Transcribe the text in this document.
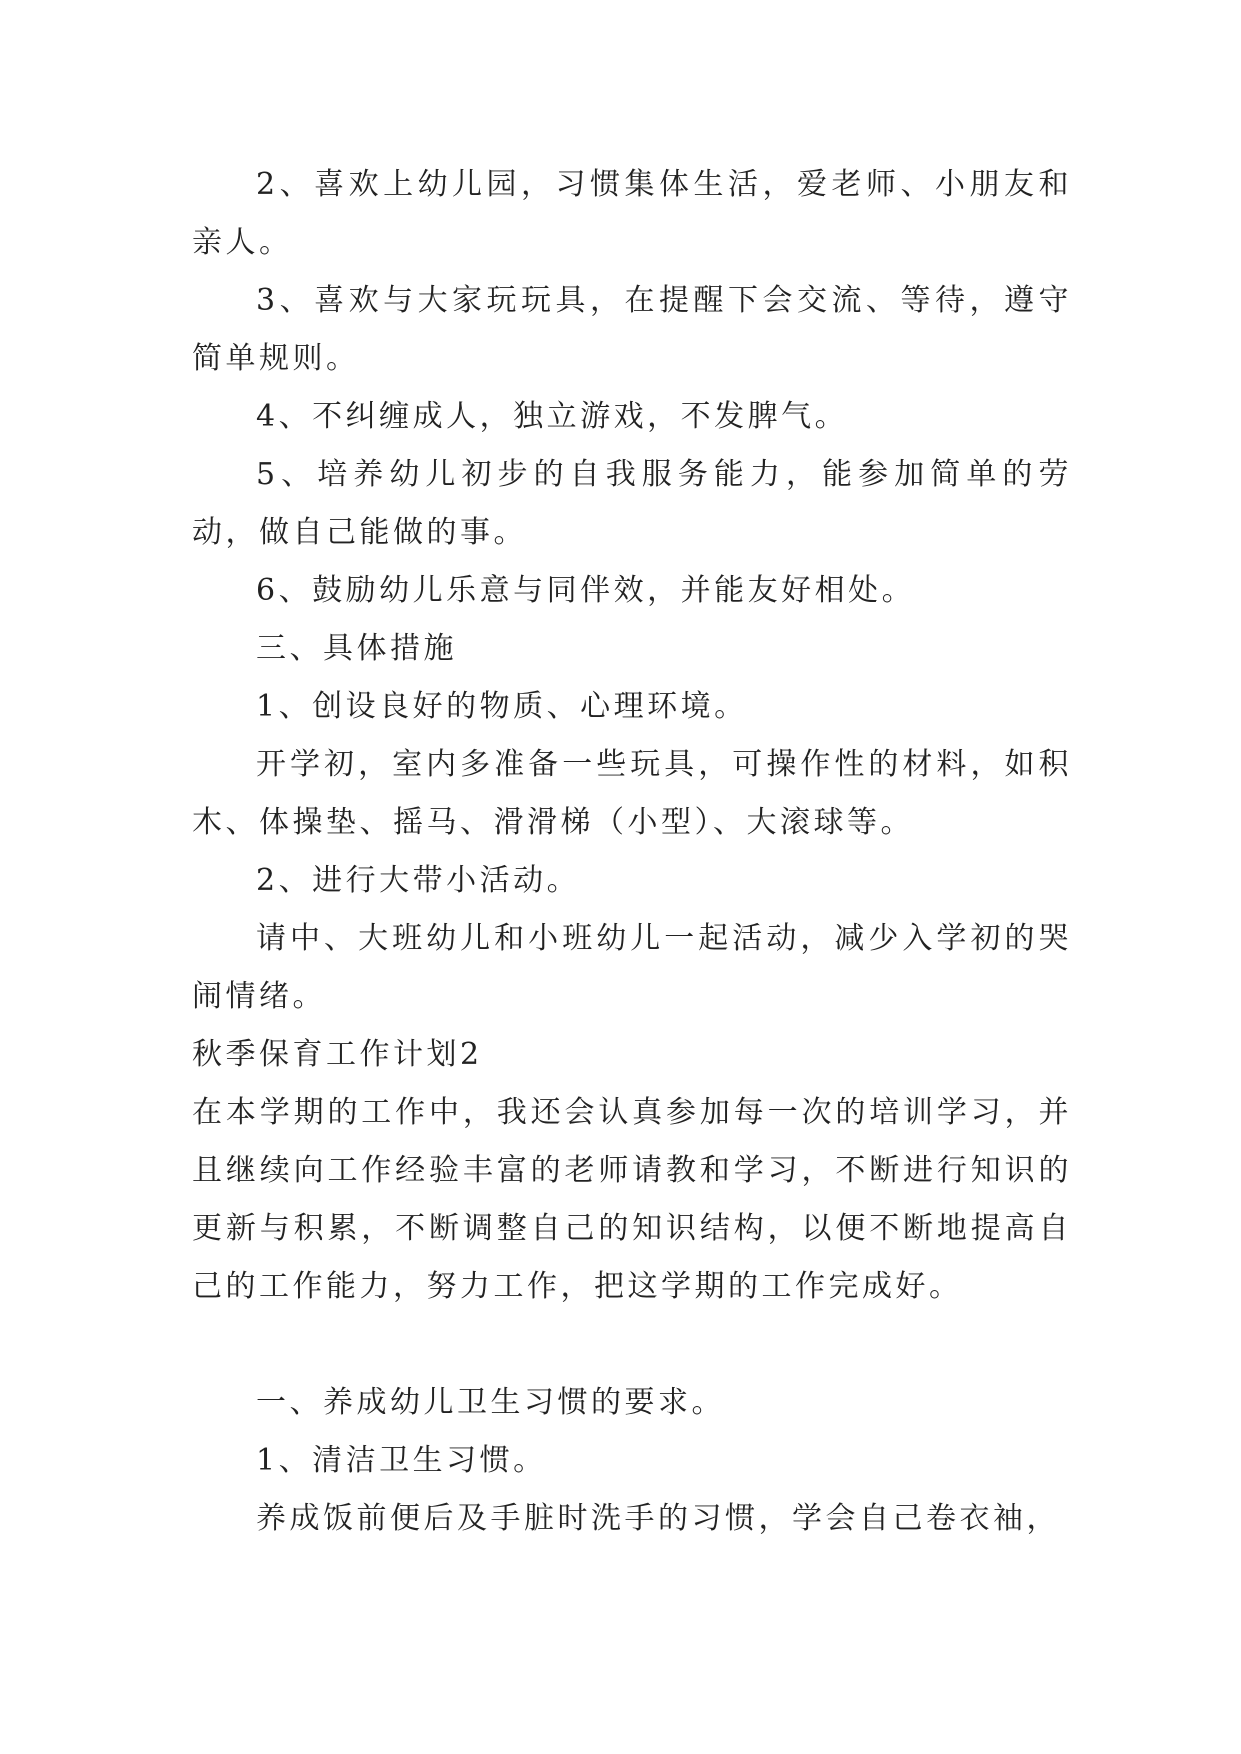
2、喜欢上幼儿园，习惯集体生活，爱老师、小朋友和亲人。

3、喜欢与大家玩玩具，在提醒下会交流、等待，遵守简单规则。

4、不纠缠成人，独立游戏，不发脾气。

5、培养幼儿初步的自我服务能力，能参加简单的劳动，做自己能做的事。

6、鼓励幼儿乐意与同伴效，并能友好相处。

三、具体措施

1、创设良好的物质、心理环境。

开学初，室内多准备一些玩具，可操作性的材料，如积木、体操垫、摇马、滑滑梯（小型）、大滚球等。

2、进行大带小活动。

请中、大班幼儿和小班幼儿一起活动，减少入学初的哭闹情绪。

秋季保育工作计划2

在本学期的工作中，我还会认真参加每一次的培训学习，并且继续向工作经验丰富的老师请教和学习，不断进行知识的更新与积累，不断调整自己的知识结构，以便不断地提高自己的工作能力，努力工作，把这学期的工作完成好。

一、养成幼儿卫生习惯的要求。

1、清洁卫生习惯。

养成饭前便后及手脏时洗手的习惯，学会自己卷衣袖，
